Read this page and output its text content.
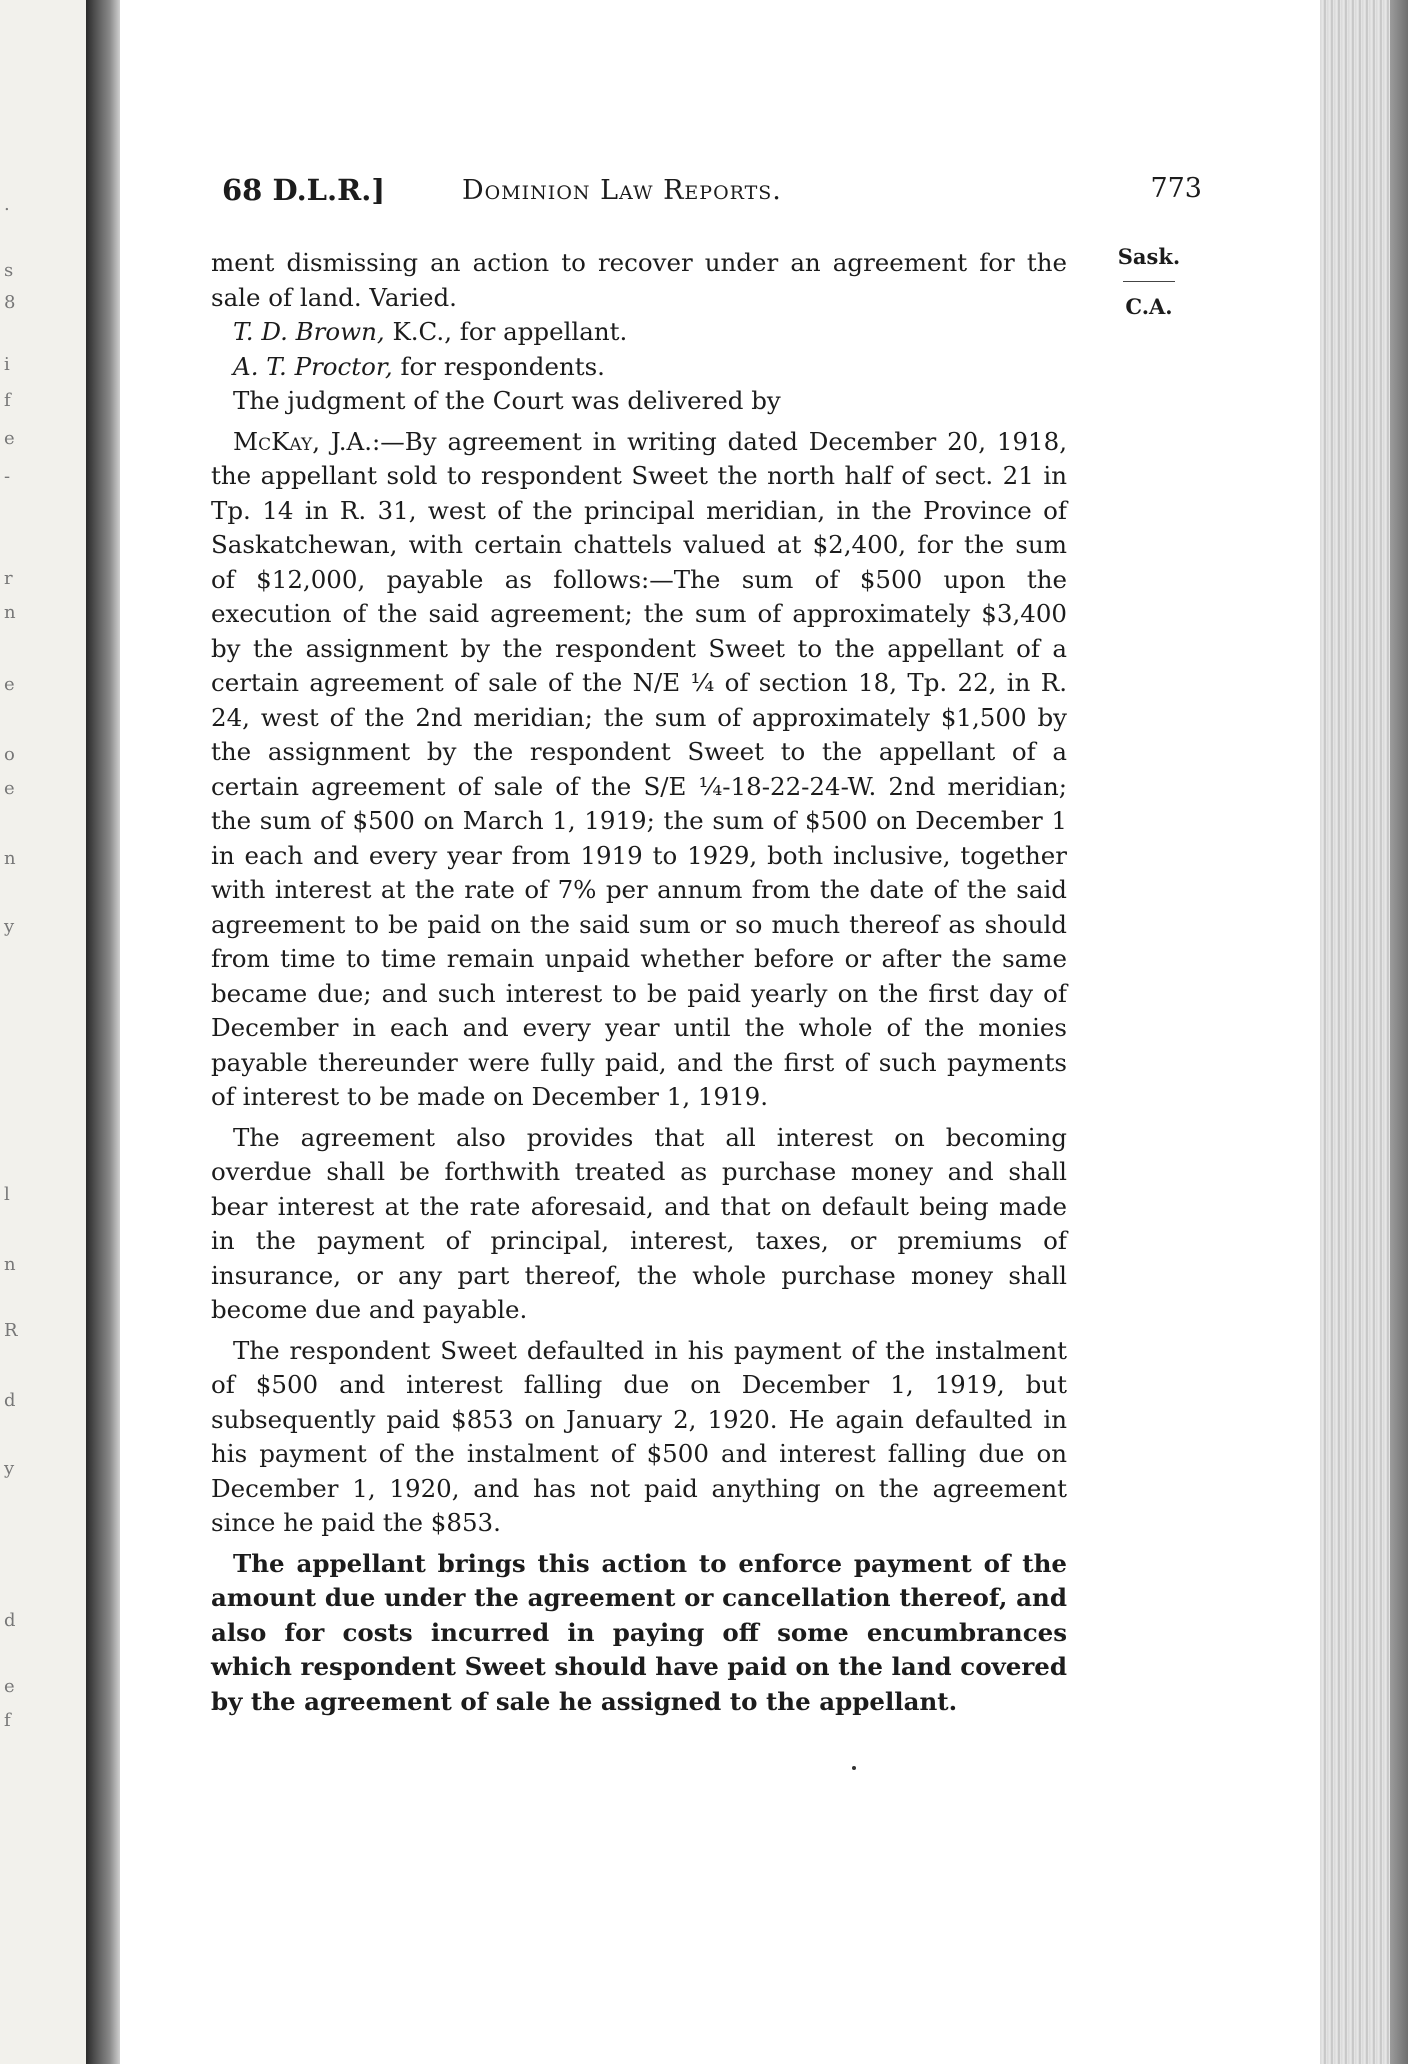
.
s
8
i
f
e
-
r
n
e
o
e
n
y
l
n
R
d
y
d
e
f
68 D.L.R.]	Dominion Law Reports.	773
Sask.
C.A.

ment dismissing an action to recover under an agreement for the sale of land. Varied.

T. D. Brown, K.C., for appellant.

A. T. Proctor, for respondents.

The judgment of the Court was delivered by

McKay, J.A.:—By agreement in writing dated December 20, 1918, the appellant sold to respondent Sweet the north half of sect. 21 in Tp. 14 in R. 31, west of the principal meridian, in the Province of Saskatchewan, with certain chattels valued at $2,400, for the sum of $12,000, payable as follows:—The sum of $500 upon the execution of the said agreement; the sum of approximately $3,400 by the assignment by the respondent Sweet to the appellant of a certain agreement of sale of the N/E ¼ of section 18, Tp. 22, in R. 24, west of the 2nd meridian; the sum of approximately $1,500 by the assignment by the respondent Sweet to the appellant of a certain agreement of sale of the S/E ¼-18-22-24-W. 2nd meridian; the sum of $500 on March 1, 1919; the sum of $500 on December 1 in each and every year from 1919 to 1929, both inclusive, together with interest at the rate of 7% per annum from the date of the said agreement to be paid on the said sum or so much thereof as should from time to time remain unpaid whether before or after the same became due; and such interest to be paid yearly on the first day of December in each and every year until the whole of the monies payable thereunder were fully paid, and the first of such payments of interest to be made on December 1, 1919.

The agreement also provides that all interest on becoming overdue shall be forthwith treated as purchase money and shall bear interest at the rate aforesaid, and that on default being made in the payment of principal, interest, taxes, or premiums of insurance, or any part thereof, the whole purchase money shall become due and payable.

The respondent Sweet defaulted in his payment of the instalment of $500 and interest falling due on December 1, 1919, but subsequently paid $853 on January 2, 1920. He again defaulted in his payment of the instalment of $500 and interest falling due on December 1, 1920, and has not paid anything on the agreement since he paid the $853.

The appellant brings this action to enforce payment of the amount due under the agreement or cancellation thereof, and also for costs incurred in paying off some encumbrances which respondent Sweet should have paid on the land covered by the agreement of sale he assigned to the appellant.
